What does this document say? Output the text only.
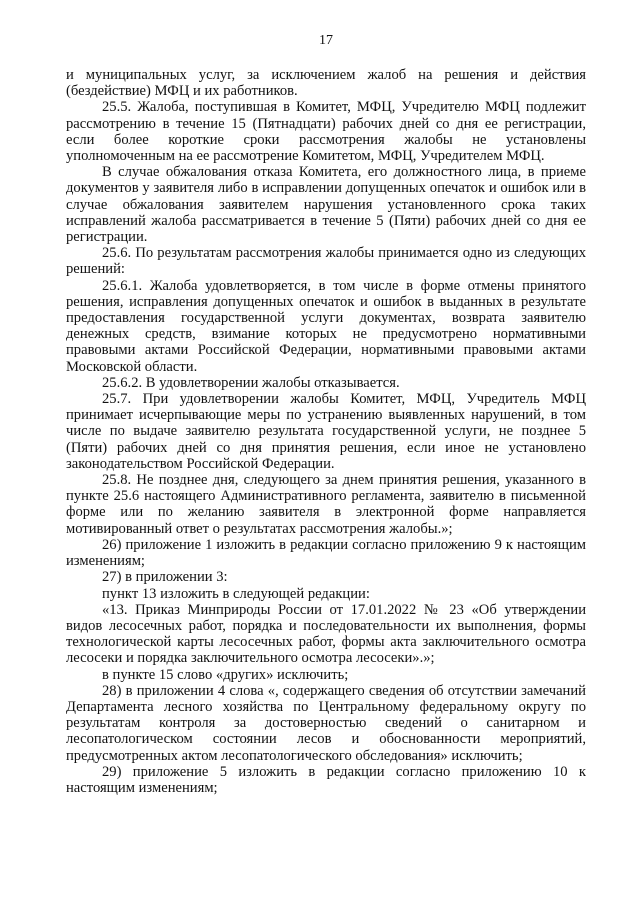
17

и муниципальных услуг, за исключением жалоб на решения и действия (бездействие) МФЦ и их работников.

25.5. Жалоба, поступившая в Комитет, МФЦ, Учредителю МФЦ подлежит рассмотрению в течение 15 (Пятнадцати) рабочих дней со дня ее регистрации, если более короткие сроки рассмотрения жалобы не установлены уполномоченным на ее рассмотрение Комитетом, МФЦ, Учредителем МФЦ.

В случае обжалования отказа Комитета, его должностного лица, в приеме документов у заявителя либо в исправлении допущенных опечаток и ошибок или в случае обжалования заявителем нарушения установленного срока таких исправлений жалоба рассматривается в течение 5 (Пяти) рабочих дней со дня ее регистрации.

25.6. По результатам рассмотрения жалобы принимается одно из следующих решений:

25.6.1. Жалоба удовлетворяется, в том числе в форме отмены принятого решения, исправления допущенных опечаток и ошибок в выданных в результате предоставления государственной услуги документах, возврата заявителю денежных средств, взимание которых не предусмотрено нормативными правовыми актами Российской Федерации, нормативными правовыми актами Московской области.

25.6.2. В удовлетворении жалобы отказывается.

25.7. При удовлетворении жалобы Комитет, МФЦ, Учредитель МФЦ принимает исчерпывающие меры по устранению выявленных нарушений, в том числе по выдаче заявителю результата государственной услуги, не позднее 5 (Пяти) рабочих дней со дня принятия решения, если иное не установлено законодательством Российской Федерации.

25.8. Не позднее дня, следующего за днем принятия решения, указанного в пункте 25.6 настоящего Административного регламента, заявителю в письменной форме или по желанию заявителя в электронной форме направляется мотивированный ответ о результатах рассмотрения жалобы.»;

26) приложение 1 изложить в редакции согласно приложению 9 к настоящим изменениям;

27) в приложении 3:

пункт 13 изложить в следующей редакции:

«13. Приказ Минприроды России от 17.01.2022 № 23 «Об утверждении видов лесосечных работ, порядка и последовательности их выполнения, формы технологической карты лесосечных работ, формы акта заключительного осмотра лесосеки и порядка заключительного осмотра лесосеки».»;

в пункте 15 слово «других» исключить;

28) в приложении 4 слова «, содержащего сведения об отсутствии замечаний Департамента лесного хозяйства по Центральному федеральному округу по результатам контроля за достоверностью сведений о санитарном и лесопатологическом состоянии лесов и обоснованности мероприятий, предусмотренных актом лесопатологического обследования» исключить;

29) приложение 5 изложить в редакции согласно приложению 10 к настоящим изменениям;
